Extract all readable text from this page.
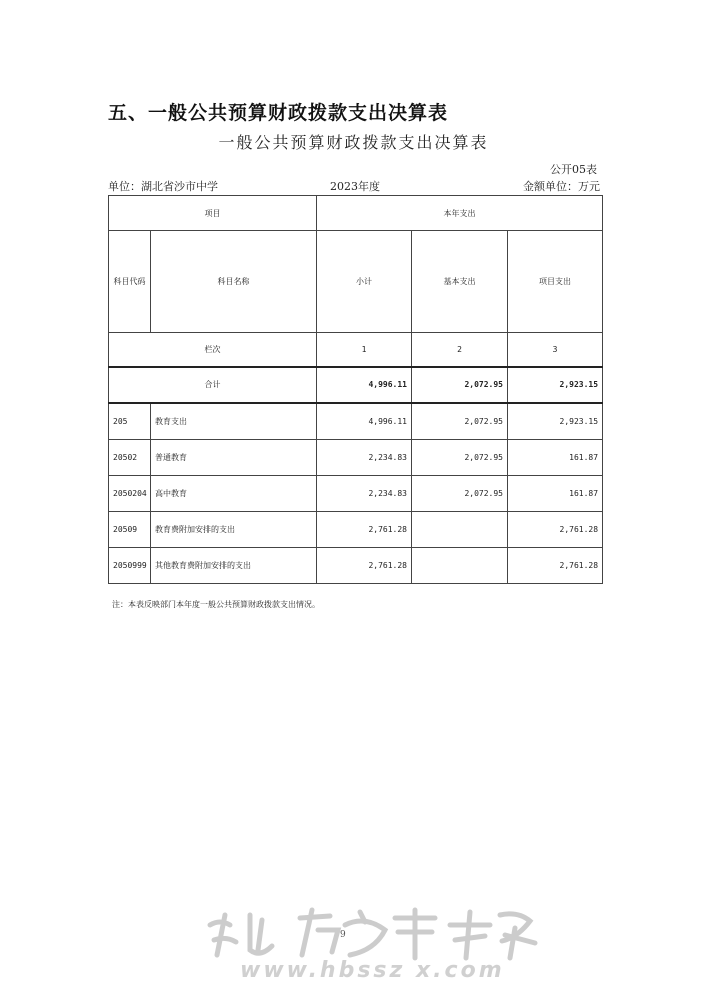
五、一般公共预算财政拨款支出决算表
一般公共预算财政拨款支出决算表
公开05表
单位：湖北省沙市中学	2023年度	金额单位：万元
项目		本年支出		
科目代码	科目名称	小计	基本支出	项目支出
栏次		1	2	3
合计		4,996.11	2,072.95	2,923.15
205	教育支出	4,996.11	2,072.95	2,923.15
20502	普通教育	2,234.83	2,072.95	161.87
2050204	高中教育	2,234.83	2,072.95	161.87
20509	教育费附加安排的支出	2,761.28		2,761.28
2050999	其他教育费附加安排的支出	2,761.28		2,761.28
注：本表反映部门本年度一般公共预算财政拨款支出情况。
9
www.hbssz x.com
